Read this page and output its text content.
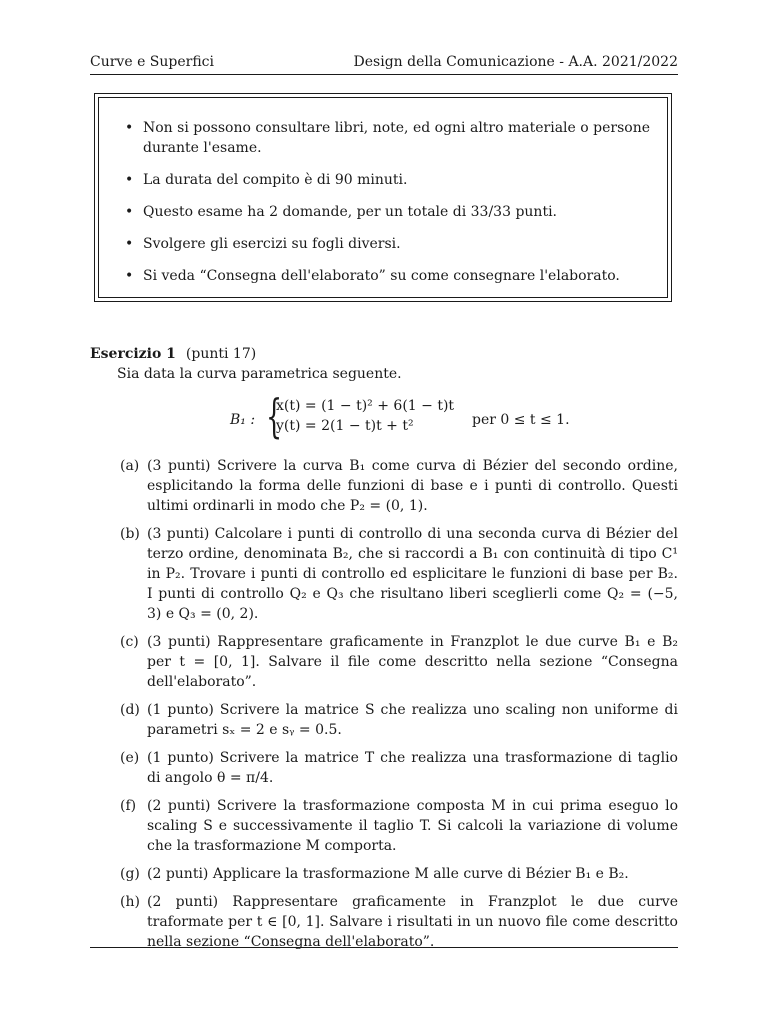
Curve e Superfici	Design della Comunicazione - A.A. 2021/2022
• Non si possono consultare libri, note, ed ogni altro materiale o persone durante l'esame.
• La durata del compito è di 90 minuti.
• Questo esame ha 2 domande, per un totale di 33/33 punti.
• Svolgere gli esercizi su fogli diversi.
• Si veda “Consegna dell'elaborato” su come consegnare l'elaborato.
Esercizio 1 (punti 17)
Sia data la curva parametrica seguente.
B₁ : {
x(t) = (1 − t)² + 6(1 − t)t
y(t) = 2(1 − t)t + t²	per 0 ≤ t ≤ 1.
(a) (3 punti) Scrivere la curva B₁ come curva di Bézier del secondo ordine, esplicitando la forma delle funzioni di base e i punti di controllo. Questi ultimi ordinarli in modo che P₂ = (0, 1).
(b) (3 punti) Calcolare i punti di controllo di una seconda curva di Bézier del terzo ordine, denominata B₂, che si raccordi a B₁ con continuità di tipo C¹ in P₂. Trovare i punti di controllo ed esplicitare le funzioni di base per B₂. I punti di controllo Q₂ e Q₃ che risultano liberi sceglierli come Q₂ = (−5, 3) e Q₃ = (0, 2).
(c) (3 punti) Rappresentare graficamente in Franzplot le due curve B₁ e B₂ per t = [0, 1]. Salvare il file come descritto nella sezione “Consegna dell'elaborato”.
(d) (1 punto) Scrivere la matrice S che realizza uno scaling non uniforme di parametri sₓ = 2 e sᵧ = 0.5.
(e) (1 punto) Scrivere la matrice T che realizza una trasformazione di taglio di angolo θ = π/4.
(f) (2 punti) Scrivere la trasformazione composta M in cui prima eseguo lo scaling S e successivamente il taglio T. Si calcoli la variazione di volume che la trasformazione M comporta.
(g) (2 punti) Applicare la trasformazione M alle curve di Bézier B₁ e B₂.
(h) (2 punti) Rappresentare graficamente in Franzplot le due curve traformate per t ∈ [0, 1]. Salvare i risultati in un nuovo file come descritto nella sezione “Consegna dell'elaborato”.
